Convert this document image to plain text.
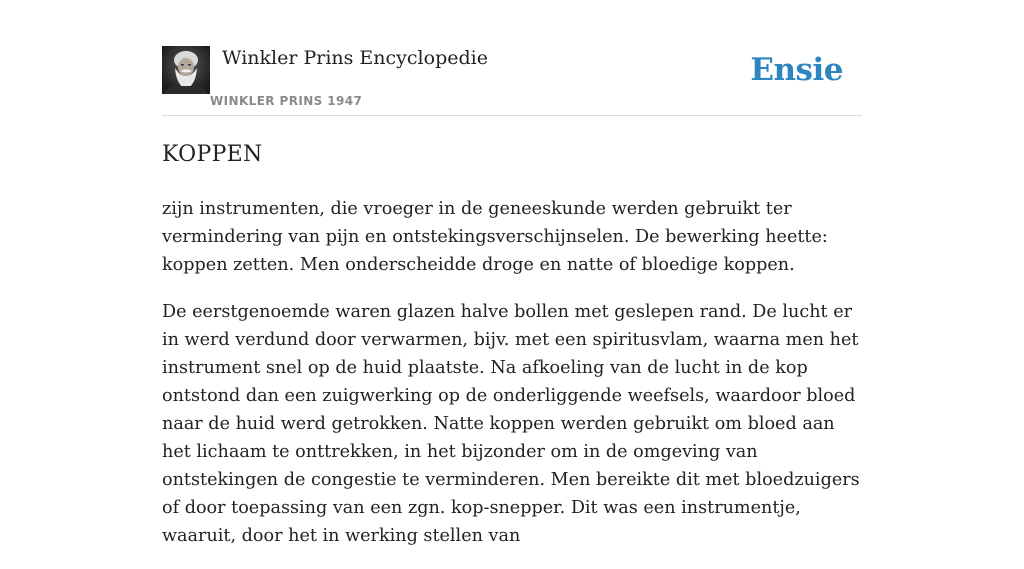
Winkler Prins Encyclopedie
WINKLER PRINS 1947
Ensie
KOPPEN

zijn instrumenten, die vroeger in de geneeskunde werden gebruikt ter vermindering van pijn en ontstekingsverschijnselen. De bewerking heette: koppen zetten. Men onderscheidde droge en natte of bloedige koppen.

De eerstgenoemde waren glazen halve bollen met geslepen rand. De lucht er in werd verdund door verwarmen, bijv. met een spiritusvlam, waarna men het instrument snel op de huid plaatste. Na afkoeling van de lucht in de kop ontstond dan een zuigwerking op de onderliggende weefsels, waardoor bloed naar de huid werd getrokken. Natte koppen werden gebruikt om bloed aan het lichaam te onttrekken, in het bijzonder om in de omgeving van ontstekingen de congestie te verminderen. Men bereikte dit met bloedzuigers of door toepassing van een zgn. kop-snepper. Dit was een instrumentje, waaruit, door het in werking stellen van
